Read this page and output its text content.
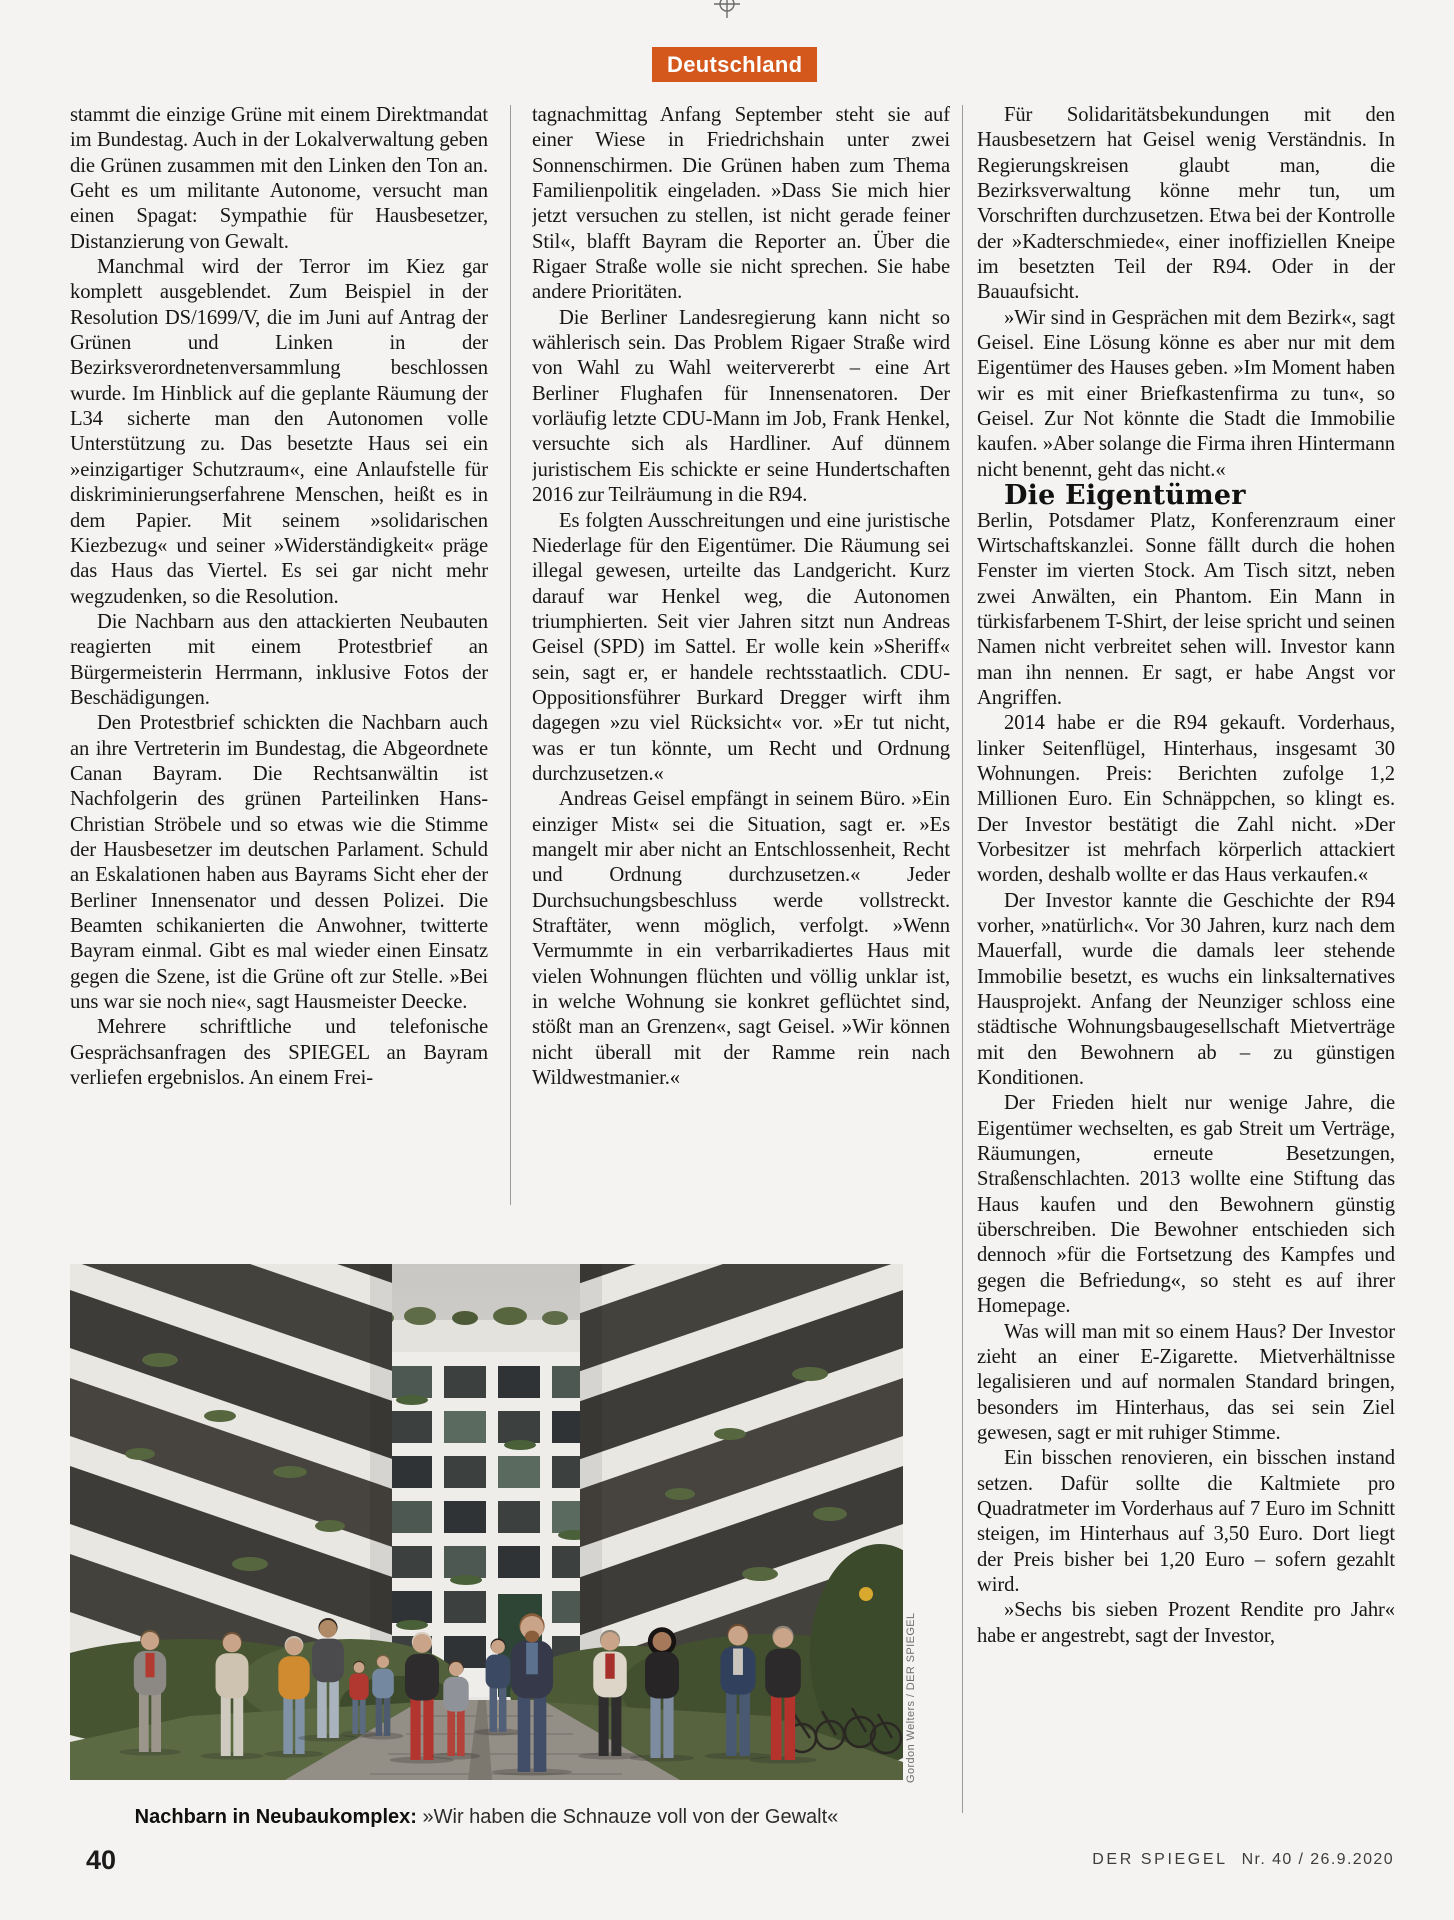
Deutschland

stammt die einzige Grüne mit einem Direktmandat im Bundestag. Auch in der Lokalverwaltung geben die Grünen zusammen mit den Linken den Ton an. Geht es um militante Autonome, versucht man einen Spagat: Sympathie für Hausbesetzer, Distanzierung von Gewalt.

Manchmal wird der Terror im Kiez gar komplett ausgeblendet. Zum Beispiel in der Resolution DS/1699/V, die im Juni auf Antrag der Grünen und Linken in der Bezirksverordnetenversammlung beschlossen wurde. Im Hinblick auf die geplante Räumung der L34 sicherte man den Autonomen volle Unterstützung zu. Das besetzte Haus sei ein »einzigartiger Schutzraum«, eine Anlaufstelle für diskriminierungserfahrene Menschen, heißt es in dem Papier. Mit seinem »solidarischen Kiezbezug« und seiner »Widerständigkeit« präge das Haus das Viertel. Es sei gar nicht mehr wegzudenken, so die Resolution.

Die Nachbarn aus den attackierten Neubauten reagierten mit einem Protestbrief an Bürgermeisterin Herrmann, inklusive Fotos der Beschädigungen.

Den Protestbrief schickten die Nachbarn auch an ihre Vertreterin im Bundestag, die Abgeordnete Canan Bayram. Die Rechtsanwältin ist Nachfolgerin des grünen Parteilinken Hans-Christian Ströbele und so etwas wie die Stimme der Hausbesetzer im deutschen Parlament. Schuld an Eskalationen haben aus Bayrams Sicht eher der Berliner Innensenator und dessen Polizei. Die Beamten schikanierten die Anwohner, twitterte Bayram einmal. Gibt es mal wieder einen Einsatz gegen die Szene, ist die Grüne oft zur Stelle. »Bei uns war sie noch nie«, sagt Hausmeister Deecke.

Mehrere schriftliche und telefonische Gesprächsanfragen des SPIEGEL an Bayram verliefen ergebnislos. An einem Frei-

tagnachmittag Anfang September steht sie auf einer Wiese in Friedrichshain unter zwei Sonnenschirmen. Die Grünen haben zum Thema Familienpolitik eingeladen. »Dass Sie mich hier jetzt versuchen zu stellen, ist nicht gerade feiner Stil«, blafft Bayram die Reporter an. Über die Rigaer Straße wolle sie nicht sprechen. Sie habe andere Prioritäten.

Die Berliner Landesregierung kann nicht so wählerisch sein. Das Problem Rigaer Straße wird von Wahl zu Wahl weitervererbt – eine Art Berliner Flughafen für Innensenatoren. Der vorläufig letzte CDU-Mann im Job, Frank Henkel, versuchte sich als Hardliner. Auf dünnem juristischem Eis schickte er seine Hundertschaften 2016 zur Teilräumung in die R94.

Es folgten Ausschreitungen und eine juristische Niederlage für den Eigentümer. Die Räumung sei illegal gewesen, urteilte das Landgericht. Kurz darauf war Henkel weg, die Autonomen triumphierten. Seit vier Jahren sitzt nun Andreas Geisel (SPD) im Sattel. Er wolle kein »Sheriff« sein, sagt er, er handele rechtsstaatlich. CDU-Oppositionsführer Burkard Dregger wirft ihm dagegen »zu viel Rücksicht« vor. »Er tut nicht, was er tun könnte, um Recht und Ordnung durchzusetzen.«

Andreas Geisel empfängt in seinem Büro. »Ein einziger Mist« sei die Situation, sagt er. »Es mangelt mir aber nicht an Entschlossenheit, Recht und Ordnung durchzusetzen.« Jeder Durchsuchungsbeschluss werde vollstreckt. Straftäter, wenn möglich, verfolgt. »Wenn Vermummte in ein verbarrikadiertes Haus mit vielen Wohnungen flüchten und völlig unklar ist, in welche Wohnung sie konkret geflüchtet sind, stößt man an Grenzen«, sagt Geisel. »Wir können nicht überall mit der Ramme rein nach Wildwestmanier.«

Für Solidaritätsbekundungen mit den Hausbesetzern hat Geisel wenig Verständnis. In Regierungskreisen glaubt man, die Bezirksverwaltung könne mehr tun, um Vorschriften durchzusetzen. Etwa bei der Kontrolle der »Kadterschmiede«, einer inoffiziellen Kneipe im besetzten Teil der R94. Oder in der Bauaufsicht.

»Wir sind in Gesprächen mit dem Bezirk«, sagt Geisel. Eine Lösung könne es aber nur mit dem Eigentümer des Hauses geben. »Im Moment haben wir es mit einer Briefkastenfirma zu tun«, so Geisel. Zur Not könnte die Stadt die Immobilie kaufen. »Aber solange die Firma ihren Hintermann nicht benennt, geht das nicht.«

Die Eigentümer

Berlin, Potsdamer Platz, Konferenzraum einer Wirtschaftskanzlei. Sonne fällt durch die hohen Fenster im vierten Stock. Am Tisch sitzt, neben zwei Anwälten, ein Phantom. Ein Mann in türkisfarbenem T-Shirt, der leise spricht und seinen Namen nicht verbreitet sehen will. Investor kann man ihn nennen. Er sagt, er habe Angst vor Angriffen.

2014 habe er die R94 gekauft. Vorderhaus, linker Seitenflügel, Hinterhaus, insgesamt 30 Wohnungen. Preis: Berichten zufolge 1,2 Millionen Euro. Ein Schnäppchen, so klingt es. Der Investor bestätigt die Zahl nicht. »Der Vorbesitzer ist mehrfach körperlich attackiert worden, deshalb wollte er das Haus verkaufen.«

Der Investor kannte die Geschichte der R94 vorher, »natürlich«. Vor 30 Jahren, kurz nach dem Mauerfall, wurde die damals leer stehende Immobilie besetzt, es wuchs ein linksalternatives Hausprojekt. Anfang der Neunziger schloss eine städtische Wohnungsbaugesellschaft Mietverträge mit den Bewohnern ab – zu günstigen Konditionen.

Der Frieden hielt nur wenige Jahre, die Eigentümer wechselten, es gab Streit um Verträge, Räumungen, erneute Besetzungen, Straßenschlachten. 2013 wollte eine Stiftung das Haus kaufen und den Bewohnern günstig überschreiben. Die Bewohner entschieden sich dennoch »für die Fortsetzung des Kampfes und gegen die Befriedung«, so steht es auf ihrer Homepage.

Was will man mit so einem Haus? Der Investor zieht an einer E-Zigarette. Mietverhältnisse legalisieren und auf normalen Standard bringen, besonders im Hinterhaus, das sei sein Ziel gewesen, sagt er mit ruhiger Stimme.

Ein bisschen renovieren, ein bisschen instand setzen. Dafür sollte die Kaltmiete pro Quadratmeter im Vorderhaus auf 7 Euro im Schnitt steigen, im Hinterhaus auf 3,50 Euro. Dort liegt der Preis bisher bei 1,20 Euro – sofern gezahlt wird.

»Sechs bis sieben Prozent Rendite pro Jahr« habe er angestrebt, sagt der Investor,

Gordon Welters / DER SPIEGEL
Nachbarn in Neubaukomplex: »Wir haben die Schnauze voll von der Gewalt«
40	DER SPIEGEL Nr. 40 / 26.9.2020
